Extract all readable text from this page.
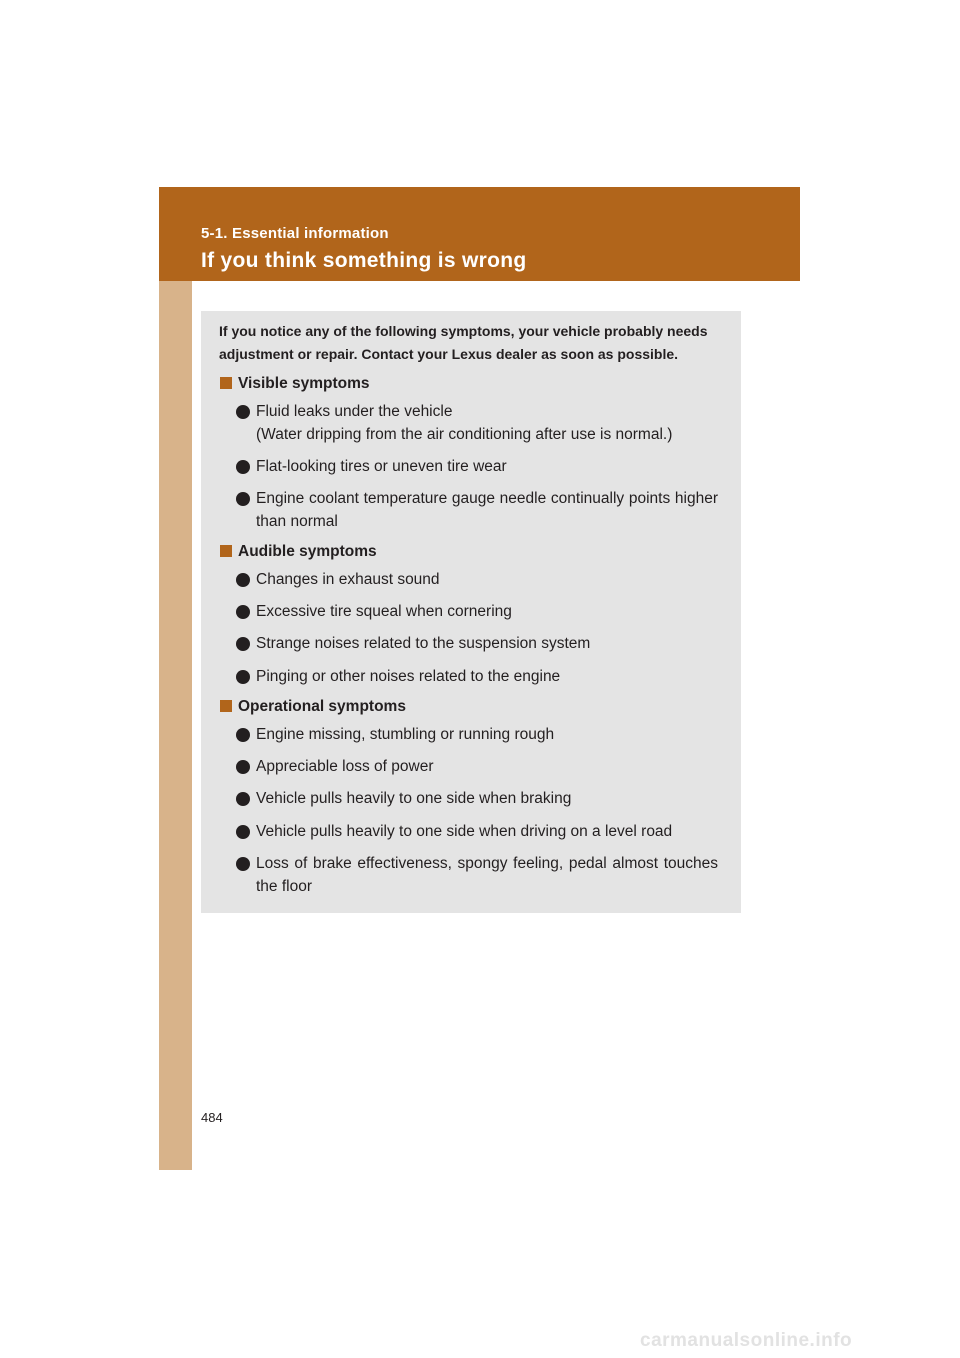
5-1. Essential information
If you think something is wrong
If you notice any of the following symptoms, your vehicle probably needs adjustment or repair. Contact your Lexus dealer as soon as possible.
Visible symptoms
Fluid leaks under the vehicle
(Water dripping from the air conditioning after use is normal.)
Flat-looking tires or uneven tire wear
Engine coolant temperature gauge needle continually points higher than normal
Audible symptoms
Changes in exhaust sound
Excessive tire squeal when cornering
Strange noises related to the suspension system
Pinging or other noises related to the engine
Operational symptoms
Engine missing, stumbling or running rough
Appreciable loss of power
Vehicle pulls heavily to one side when braking
Vehicle pulls heavily to one side when driving on a level road
Loss of brake effectiveness, spongy feeling, pedal almost touches the floor
484
carmanualsonline.info
